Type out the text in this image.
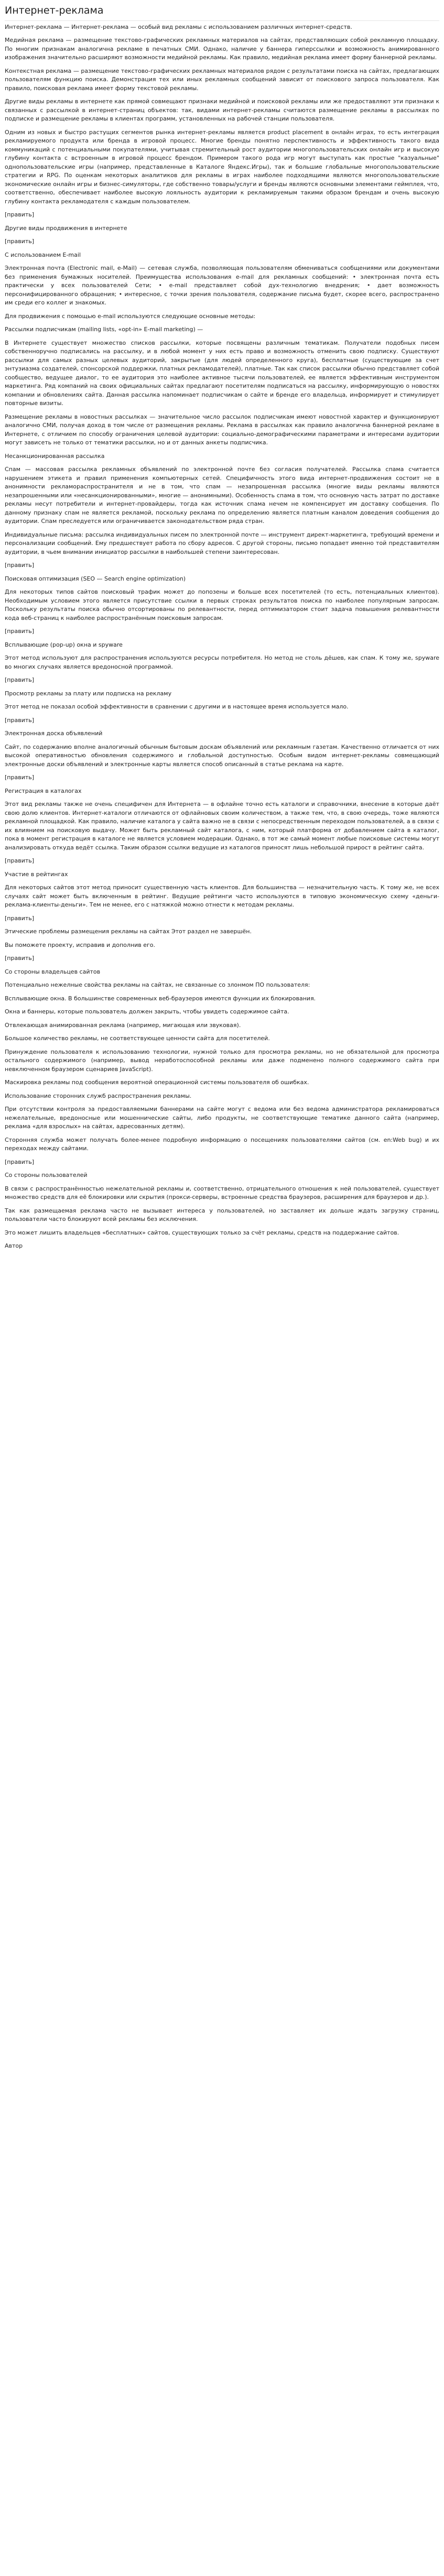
Интернет-реклама

Интернет-реклама — Интернет-реклама — особый вид рекламы с использованием различных интернет-средств.

Медийная реклама — размещение текстово-графических рекламных материалов на сайтах, представляющих собой рекламную площадку. По многим признакам аналогична рекламе в печатных СМИ. Однако, наличие у баннера гиперссылки и возможность анимированного изображения значительно расширяют возможности медийной рекламы. Как правило, медийная реклама имеет форму баннерной рекламы.

Контекстная реклама — размещение текстово-графических рекламных материалов рядом с результатами поиска на сайтах, предлагающих пользователям функцию поиска. Демонстрация тех или иных рекламных сообщений зависит от поискового запроса пользователя. Как правило, поисковая реклама имеет форму текстовой рекламы.

Другие виды рекламы в интернете как прямой совмещают признаки медийной и поисковой рекламы или же предоставляют эти признаки к связанных с рассылкой в интернет-страниц объектов: так, видами интернет-рекламы считаются размещение рекламы в рассылках по подписке и размещение рекламы в клиентах программ, установленных на рабочей станции пользователя.

Одним из новых и быстро растущих сегментов рынка интернет-рекламы является product placement в онлайн играх, то есть интеграция рекламируемого продукта или бренда в игровой процесс. Многие бренды понятно перспективность и эффективность такого вида коммуникаций с потенциальными покупателями, учитывая стремительный рост аудитории многопользовательских онлайн игр и высокую глубину контакта с встроенным в игровой процесс брендом. Примером такого рода игр могут выступать как простые "казуальные" однопользовательские игры (например, представленные в Каталоге Яндекс.Игры), так и большие глобальные многопользовательские стратегии и RPG. По оценкам некоторых аналитиков для рекламы в играх наиболее подходящими являются многопользовательские экономические онлайн игры и бизнес-симуляторы, где собственно товары/услуги и бренды являются основными элементами геймплея, что, соответственно, обеспечивает наиболее высокую лояльность аудитории к рекламируемым такими образом брендам и очень высокую глубину контакта рекламодателя с каждым пользователем.

[править]

Другие виды продвижения в интернете

[править]

С использованием E-mail

Электронная почта (Electronic mail, e-Mail) — сетевая служба, позволяющая пользователям обмениваться сообщениями или документами без применения бумажных носителей. Преимущества использования e-mail для рекламных сообщений: • электронная почта есть практически у всех пользователей Сети; • e-mail представляет собой дух-технологию внедрения; • дает возможность персонифицированного обращения; • интересное, с точки зрения пользователя, содержание письма будет, скорее всего, распространено им среди его коллег и знакомых.

Для продвижения с помощью e-mail используются следующие основные методы:

Рассылки подписчикам (mailing lists, «opt-in» E-mail marketing) —

В Интернете существует множество списков рассылки, которые посвящены различным тематикам. Получатели подобных писем собственноручно подписались на рассылку, и в любой момент у них есть право и возможность отменить свою подписку. Существуют рассылки для самых разных целевых аудиторий, закрытые (для людей определенного круга), бесплатные (существующие за счет энтузиазма создателей, спонсорской поддержки, платных рекламодателей), платные. Так как список рассылки обычно представляет собой сообщество, ведущее диалог, то ее аудитория это наиболее активное тысячи пользователей, ее является эффективным инструментом маркетинга. Ряд компаний на своих официальных сайтах предлагают посетителям подписаться на рассылку, информирующую о новостях компании и обновлениях сайта. Данная рассылка напоминает подписчикам о сайте и бренде его владельца, информирует и стимулирует повторные визиты.

Размещение рекламы в новостных рассылках — значительное число рассылок подписчикам имеют новостной характер и функционируют аналогично СМИ, получая доход в том числе от размещения рекламы. Реклама в рассылках как правило аналогична баннерной рекламе в Интернете, с отличием по способу ограничения целевой аудитории: социально-демографическими параметрами и интересами аудитории могут зависеть не только от тематики рассылки, но и от данных анкеты подписчика.

Несанкционированная рассылка

Спам — массовая рассылка рекламных объявлений по электронной почте без согласия получателей. Рассылка спама считается нарушением этикета и правил применения компьютерных сетей. Специфичность этого вида интернет-продвижения состоит не в анонимности рекламораспространителя и не в том, что спам — незапрошенная рассылка (многие виды рекламы являются незапрошенными или «несанкционированными», многие — анонимными). Особенность спама в том, что основную часть затрат по доставке рекламы несут потребители и интернет-провайдеры, тогда как источник спама нечем не компенсирует им доставку сообщения. По данному признаку спам не является рекламой, поскольку реклама по определению является платным каналом доведения сообщения до аудитории. Спам преследуется или ограничивается законодательством ряда стран.

Индивидуальные письма: рассылка индивидуальных писем по электронной почте — инструмент директ-маркетинга, требующий времени и персонализации сообщений. Ему предшествует работа по сбору адресов. С другой стороны, письмо попадает именно той представителям аудитории, в чьем внимании инициатор рассылки в наибольшей степени заинтересован.

[править]

Поисковая оптимизация (SEO — Search engine optimization)

Для некоторых типов сайтов поисковый трафик может до попозены и больше всех посетителей (то есть, потенциальных клиентов). Необходимым условием этого является присутствие ссылки в первых строках результатов поиска по наиболее популярным запросам. Поскольку результаты поиска обычно отсортированы по релевантности, перед оптимизатором стоит задача повышения релевантности кода веб-страниц к наиболее распространённым поисковым запросам.

[править]

Всплывающие (pop-up) окна и spyware

Этот метод используют для распространения используются ресурсы потребителя. Но метод не столь дёшев, как спам. К тому же, spyware во многих случаях является вредоносной программой.

[править]

Просмотр рекламы за плату или подписка на рекламу

Этот метод не показал особой эффективности в сравнении с другими и в настоящее время используется мало.

[править]

Электронная доска объявлений

Сайт, по содержанию вполне аналогичный обычным бытовым доскам объявлений или рекламным газетам. Качественно отличается от них высокой оперативностью обновления содержимого и глобальной доступностью. Особым видом интернет-рекламы совмещающий электронные доски объявлений и электронные карты является способ описанный в статье реклама на карте.

[править]

Регистрация в каталогах

Этот вид рекламы также не очень специфичен для Интернета — в офлайне точно есть каталоги и справочники, внесение в которые даёт свою долю клиентов. Интернет-каталоги отличаются от офлайновых своим количеством, а также тем, что, в свою очередь, тоже являются рекламной площадкой. Как правило, наличие каталога у сайта важно не в связи с непосредственным переходом пользователей, а в связи с их влиянием на поисковую выдачу. Может быть рекламный сайт каталога, с ним, который платформа от добавлением сайта в каталог, пока в момент регистрация в каталоге не является условием модерации. Однако, в тот же самый момент любые поисковые системы могут анализировать откуда ведёт ссылка. Таким образом ссылки ведущие из каталогов приносят лишь небольшой прирост в рейтинг сайта.

[править]

Участие в рейтингах

Для некоторых сайтов этот метод приносит существенную часть клиентов. Для большинства — незначительную часть. К тому же, не всех случаях сайт может быть включенным в рейтинг. Ведущие рейтинги часто используются в типовую экономическую схему «деньги-реклама-клиенты-деньги». Тем не менее, его с натяжкой можно отнести к методам рекламы.

[править]

Этические проблемы размещения рекламы на сайтах Этот раздел не завершён.

Вы поможете проекту, исправив и дополнив его.

[править]

Со стороны владельцев сайтов

Потенциально нежелные свойства рекламы на сайтах, не связанные со злонмом ПО пользователя:

Всплывающие окна. В большинстве современных веб-браузеров имеются функции их блокирования.

Окна и баннеры, которые пользователь должен закрыть, чтобы увидеть содержимое сайта.

Отвлекающая анимированная реклама (например, мигающая или звуковая).

Большое количество рекламы, не соответствующее ценности сайта для посетителей.

Принуждение пользователя к использованию технологии, нужной только для просмотра рекламы, но не обязательной для просмотра остального содержимого (например, вывод неработоспособной рекламы или даже подменено полного содержимого сайта при невключенном браузером сценариев JavaScript).

Маскировка рекламы под сообщения вероятной операционной системы пользователя об ошибках.

Использование сторонних служб распространения рекламы.

При отсутствии контроля за предоставляемыми баннерами на сайте могут с ведома или без ведома администратора рекламироваться нежелательные, вредоносные или мошеннические сайты, либо продукты, не соответствующие тематике данного сайта (например, реклама «для взрослых» на сайтах, адресованных детям).

Сторонняя служба может получать более-менее подробную информацию о посещениях пользователями сайтов (см. en:Web bug) и их переходах между сайтами.

[править]

Со стороны пользователей

В связи с распространённостью нежелательной рекламы и, соответственно, отрицательного отношения к ней пользователей, существует множество средств для её блокировки или скрытия (прокси-серверы, встроенные средства браузеров, расширения для браузеров и др.).

Так как размещаемая реклама часто не вызывает интереса у пользователей, но заставляет их дольше ждать загрузку страниц, пользователи часто блокируют всей рекламы без исключения.

Это может лишить владельцев «бесплатных» сайтов, существующих только за счёт рекламы, средств на поддержание сайтов.

Автор
